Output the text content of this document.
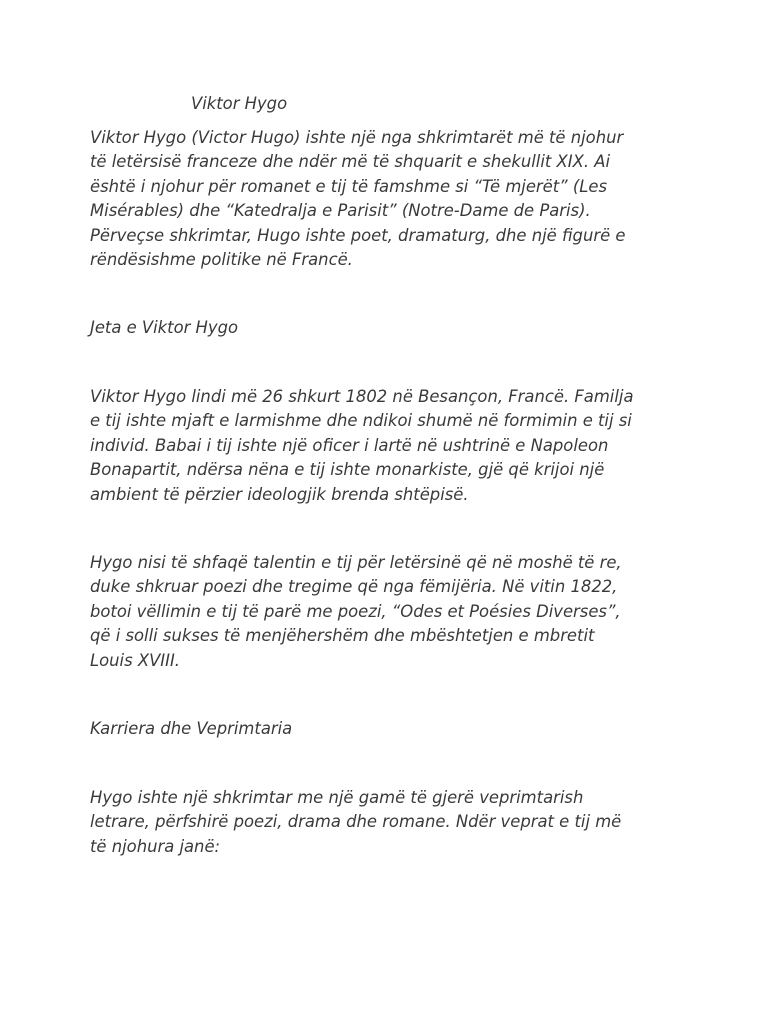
Viktor Hygo

Viktor Hygo (Victor Hugo) ishte një nga shkrimtarët më të njohur
të letërsisë franceze dhe ndër më të shquarit e shekullit XIX. Ai
është i njohur për romanet e tij të famshme si “Të mjerët” (Les
Misérables) dhe “Katedralja e Parisit” (Notre-Dame de Paris).
Përveçse shkrimtar, Hugo ishte poet, dramaturg, dhe një figurë e
rëndësishme politike në Francë.

Jeta e Viktor Hygo

Viktor Hygo lindi më 26 shkurt 1802 në Besançon, Francë. Familja
e tij ishte mjaft e larmishme dhe ndikoi shumë në formimin e tij si
individ. Babai i tij ishte një oficer i lartë në ushtrinë e Napoleon
Bonapartit, ndërsa nëna e tij ishte monarkiste, gjë që krijoi një
ambient të përzier ideologjik brenda shtëpisë.

Hygo nisi të shfaqë talentin e tij për letërsinë që në moshë të re,
duke shkruar poezi dhe tregime që nga fëmijëria. Në vitin 1822,
botoi vëllimin e tij të parë me poezi, “Odes et Poésies Diverses”,
që i solli sukses të menjëhershëm dhe mbështetjen e mbretit
Louis XVIII.

Karriera dhe Veprimtaria

Hygo ishte një shkrimtar me një gamë të gjerë veprimtarish
letrare, përfshirë poezi, drama dhe romane. Ndër veprat e tij më
të njohura janë:
